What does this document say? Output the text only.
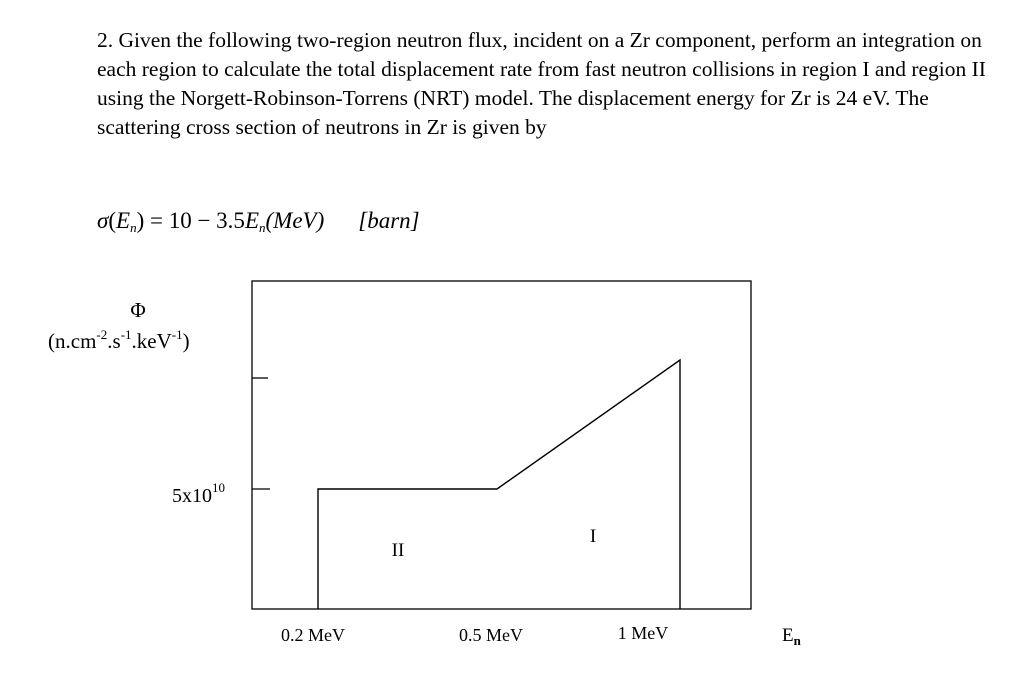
2. Given the following two-region neutron flux, incident on a Zr component, perform an integration on each region to calculate the total displacement rate from fast neutron collisions in region I and region II using the Norgett-Robinson-Torrens (NRT) model. The displacement energy for Zr is 24 eV. The scattering cross section of neutrons in Zr is given by

$\sigma(E_n) = 10 - 3.5E_n(MeV)$ [barn]
Φ
$(n.cm^{-2}.s^{-1}.keV^{-1})$
$5x10^{10}$
II
I
0.2 MeV	0.5 MeV	1 MeV	$E_n$
